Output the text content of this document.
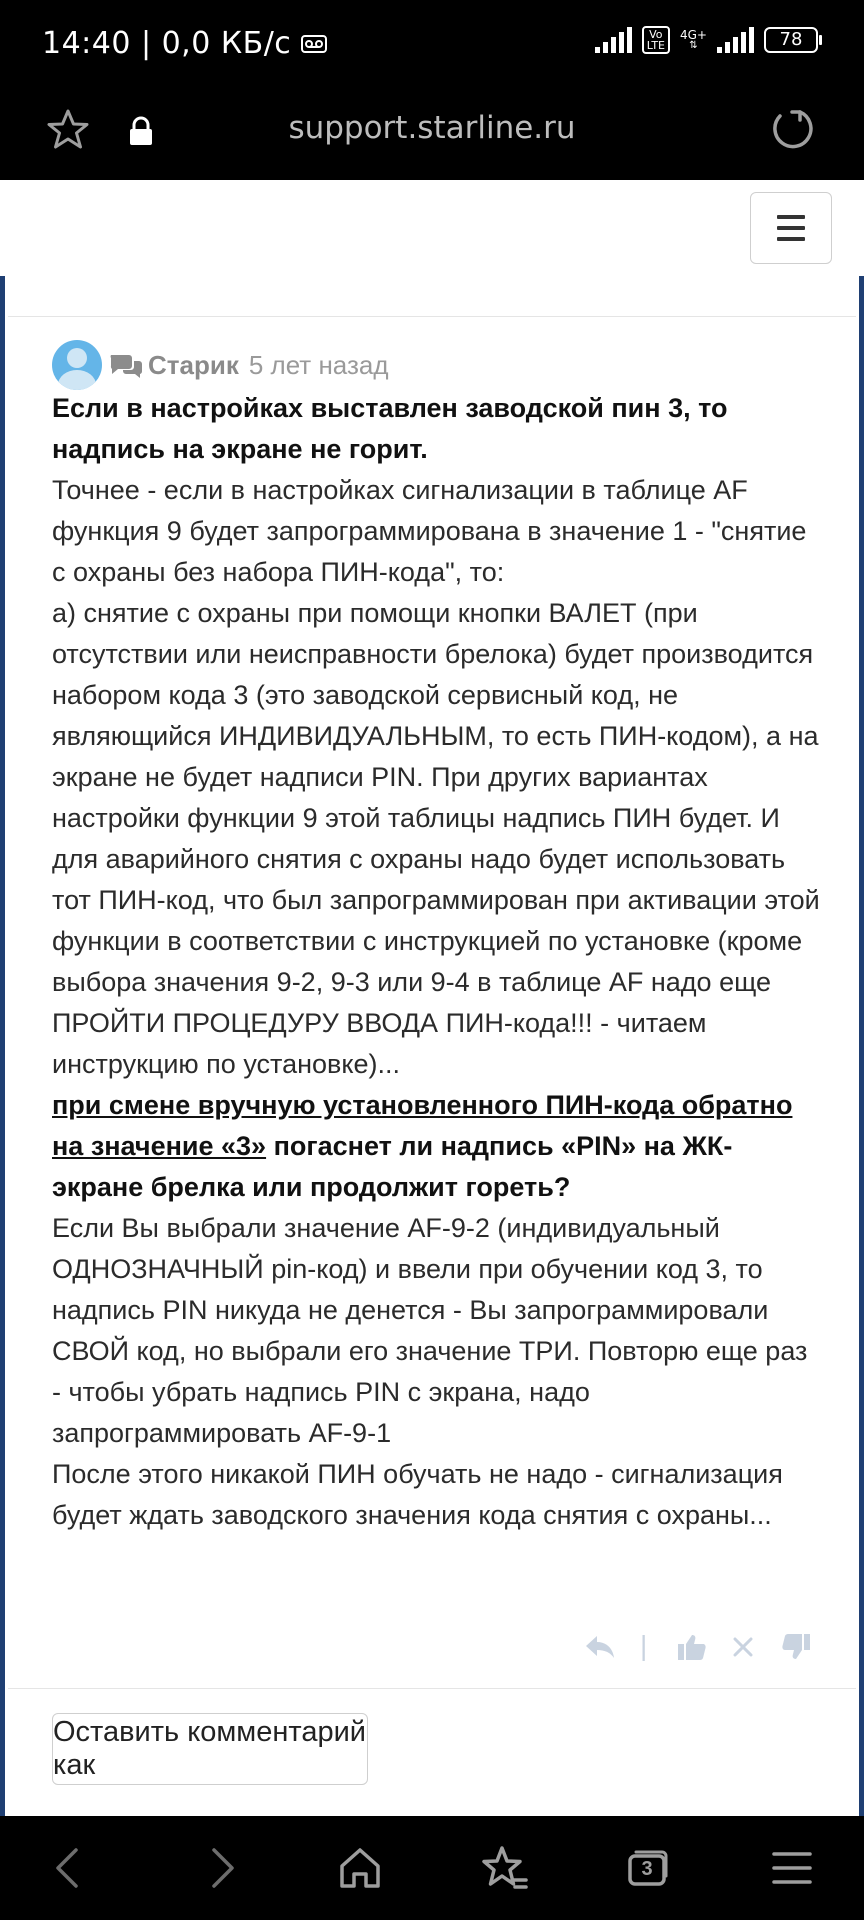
14:40 | 0,0 КБ/с	Vo
LTE
4G+
⇅	78
support.starline.ru
Старик 5 лет назад

Если в настройках выставлен заводской пин 3, то надпись на экране не горит.

Точнее - если в настройках сигнализации в таблице AF функция 9 будет запрограммирована в значение 1 - "снятие с охраны без набора ПИН-кода", то:

а) снятие с охраны при помощи кнопки ВАЛЕТ (при отсутствии или неисправности брелока) будет производится набором кода 3 (это заводской сервисный код, не являющийся ИНДИВИДУАЛЬНЫМ, то есть ПИН-кодом), а на экране не будет надписи PIN. При других вариантах настройки функции 9 этой таблицы надпись ПИН будет. И для аварийного снятия с охраны надо будет использовать тот ПИН-код, что был запрограммирован при активации этой функции в соответствии с инструкцией по установке (кроме выбора значения 9-2, 9-3 или 9-4 в таблице AF надо еще ПРОЙТИ ПРОЦЕДУРУ ВВОДА ПИН-кода!!! - читаем инструкцию по установке)...

при смене вручную установленного ПИН-кода обратно на значение «3» погаснет ли надпись «PIN» на ЖК-экране брелка или продолжит гореть?

Если Вы выбрали значение AF-9-2 (индивидуальный ОДНОЗНАЧНЫЙ pin-код) и ввели при обучении код 3, то надпись PIN никуда не денется - Вы запрограммировали СВОЙ код, но выбрали его значение ТРИ. Повторю еще раз - чтобы убрать надпись PIN с экрана, надо запрограммировать AF-9-1

После этого никакой ПИН обучать не надо - сигнализация будет ждать заводского значения кода снятия с охраны...

|
Оставить комментарий как
3
